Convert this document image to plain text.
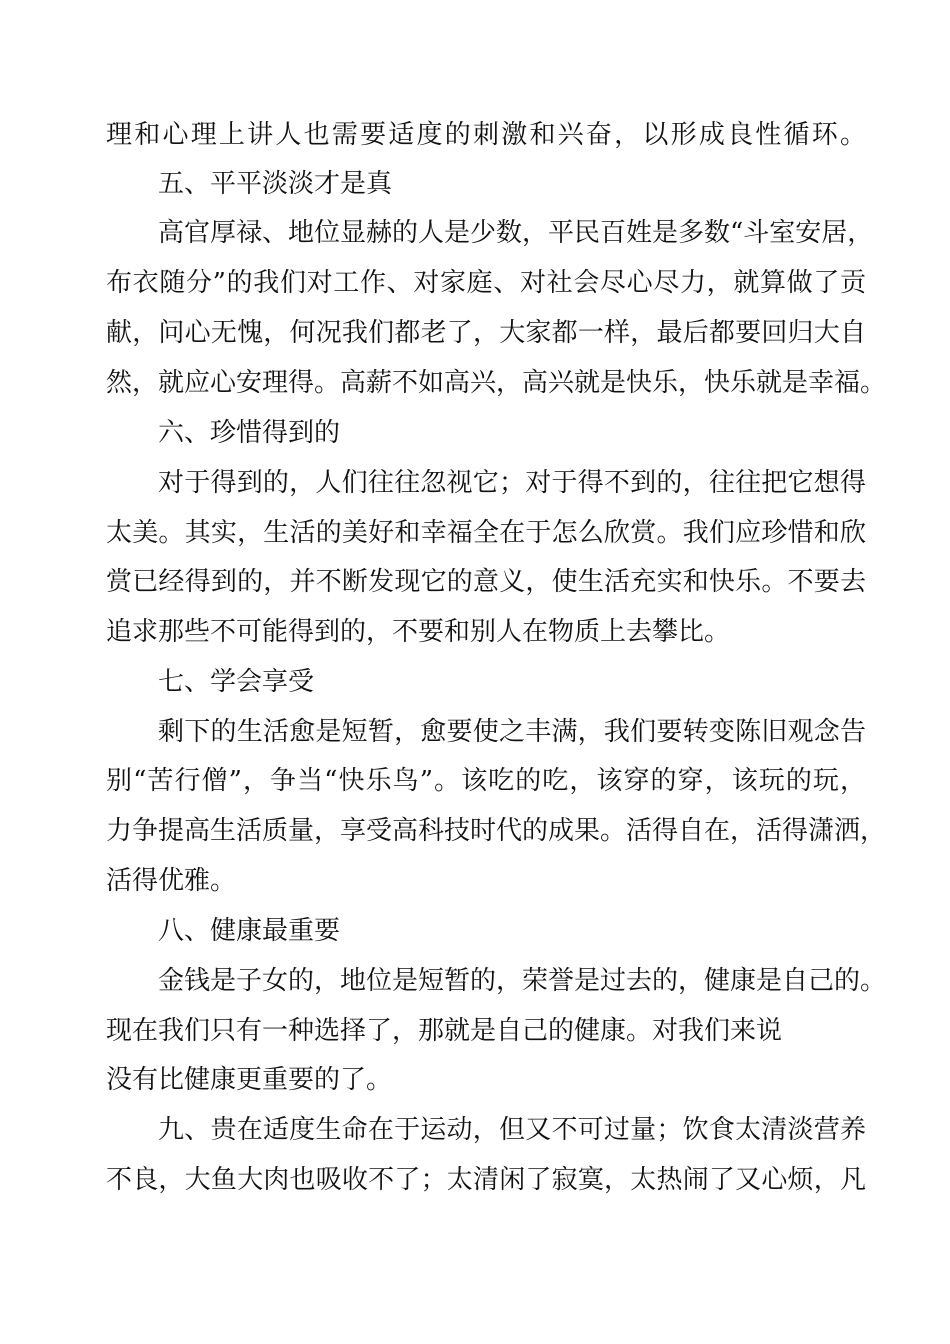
理和心理上讲人也需要适度的刺激和兴奋，以形成良性循环。
五、平平淡淡才是真
高官厚禄、地位显赫的人是少数，平民百姓是多数“斗室安居，
布衣随分”的我们对工作、对家庭、对社会尽心尽力，就算做了贡
献，问心无愧，何况我们都老了，大家都一样，最后都要回归大自
然，就应心安理得。高薪不如高兴，高兴就是快乐，快乐就是幸福。
六、珍惜得到的
对于得到的，人们往往忽视它；对于得不到的，往往把它想得
太美。其实，生活的美好和幸福全在于怎么欣赏。我们应珍惜和欣
赏已经得到的，并不断发现它的意义，使生活充实和快乐。不要去
追求那些不可能得到的，不要和别人在物质上去攀比。
七、学会享受
剩下的生活愈是短暂，愈要使之丰满，我们要转变陈旧观念告
别“苦行僧”，争当“快乐鸟”。该吃的吃，该穿的穿，该玩的玩，
力争提高生活质量，享受高科技时代的成果。活得自在，活得潇洒，
活得优雅。
八、健康最重要
金钱是子女的，地位是短暂的，荣誉是过去的，健康是自己的。
现在我们只有一种选择了，那就是自己的健康。对我们来说
没有比健康更重要的了。
九、贵在适度生命在于运动，但又不可过量；饮食太清淡营养
不良，大鱼大肉也吸收不了；太清闲了寂寞，太热闹了又心烦，凡
